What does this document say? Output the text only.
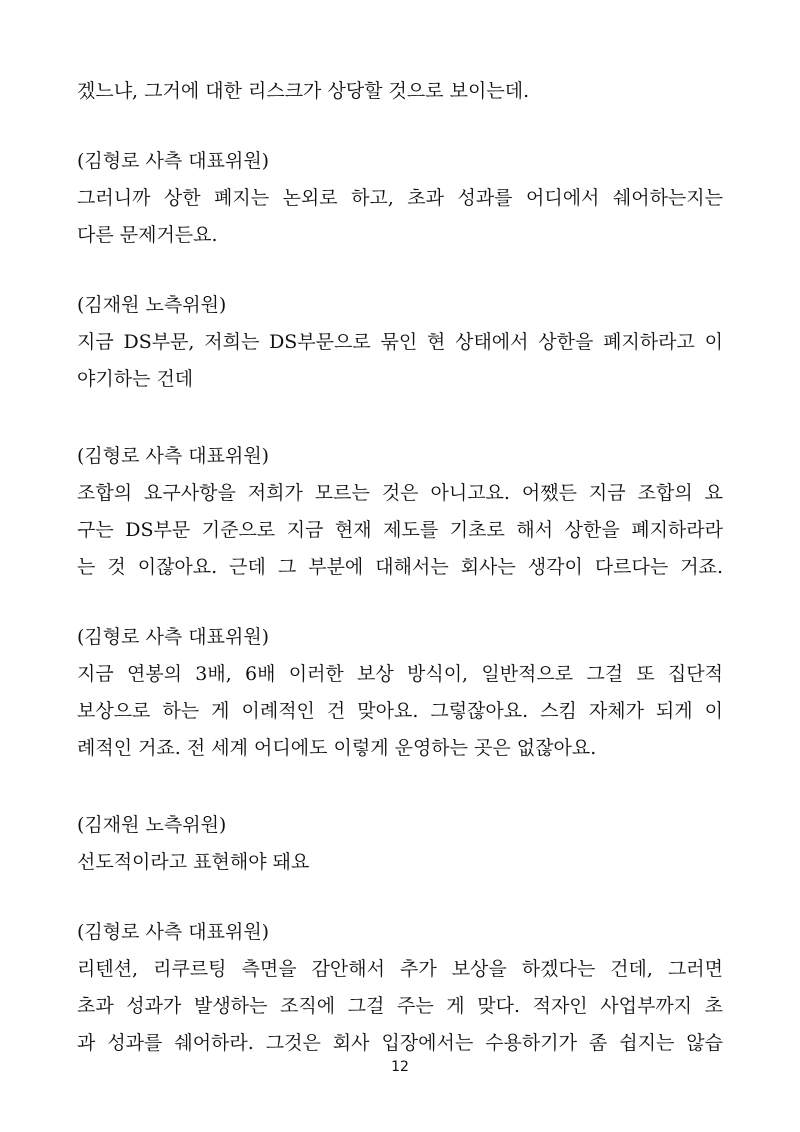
겠느냐, 그거에 대한 리스크가 상당할 것으로 보이는데.
(김형로 사측 대표위원)
그러니까 상한 폐지는 논외로 하고, 초과 성과를 어디에서 쉐어하는지는
다른 문제거든요.
(김재원 노측위원)
지금 DS부문, 저희는 DS부문으로 묶인 현 상태에서 상한을 폐지하라고 이
야기하는 건데
(김형로 사측 대표위원)
조합의 요구사항을 저희가 모르는 것은 아니고요. 어쨌든 지금 조합의 요
구는 DS부문 기준으로 지금 현재 제도를 기초로 해서 상한을 폐지하라라
는 것 이잖아요. 근데 그 부분에 대해서는 회사는 생각이 다르다는 거죠.
(김형로 사측 대표위원)
지금 연봉의 3배, 6배 이러한 보상 방식이, 일반적으로 그걸 또 집단적
보상으로 하는 게 이례적인 건 맞아요. 그렇잖아요. 스킴 자체가 되게 이
례적인 거죠. 전 세계 어디에도 이렇게 운영하는 곳은 없잖아요.
(김재원 노측위원)
선도적이라고 표현해야 돼요
(김형로 사측 대표위원)
리텐션, 리쿠르팅 측면을 감안해서 추가 보상을 하겠다는 건데, 그러면
초과 성과가 발생하는 조직에 그걸 주는 게 맞다. 적자인 사업부까지 초
과 성과를 쉐어하라. 그것은 회사 입장에서는 수용하기가 좀 쉽지는 않습
12
